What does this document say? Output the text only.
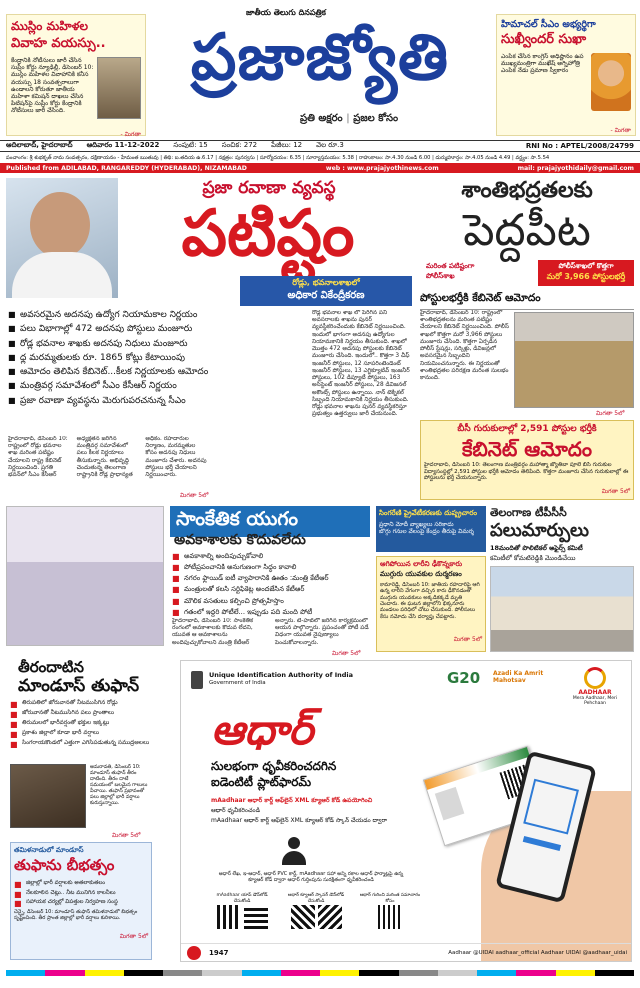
ముస్లిం మహిళల
వివాహ వయస్సు..
కేంద్రానికి నోటీసులు జారీ చేసిన సుప్రీం కోర్టు న్యూఢిల్లీ, డిసెంబర్‌ 10: ముస్లిం మహిళల వివాహానికి కనీస వయస్సు 18 సంవత్సరాలుగా ఉండాలని కోరుతూ జాతీయ మహిళా కమిషన్‌ దాఖలు చేసిన పిటిషన్‌పై సుప్రీం కోర్టు కేంద్రానికి నోటీసులు జారీ చేసింది.
- మిగతా
జాతీయ తెలుగు దినపత్రిక
ప్రజాజ్యోతి
ప్రతి అక్షరం | ప్రజల కోసం
హిమాచల్‌ సీఎం అభ్యర్థిగా
సుఖ్వీందర్‌ సుఖా
ఎంపిక చేసిన కాంగ్రెస్‌ అధిష్టానం ఉప ముఖ్యమంత్రిగా ముఖేష్‌ అగ్నిహోత్రి ఎంపిక నేడు ప్రమాణ స్వీకారం
- మిగతా
ఆదిలాబాద్‌, హైదరాబాద్‌ ఆదివారం 11-12-2022 సంపుటి: 15 సంచిక: 272 పేజీలు: 12 వెల రూ.3	RNI No : APTEL/2008/24799
పంచాంగం: శ్రీ శుభకృత్‌ నామ సంవత్సరం, దక్షిణాయనం - హేమంత ఋతువు | తిథి: బ.తదియ ఉ.6.17 | నక్షత్రం: పునర్వసు | సూర్యోదయం: 6.35 | సూర్యాస్తమయం: 5.38 | రాహుకాలం: సా.4.30 నుండి 6.00 | దుర్ముహూర్తం: సా.4.05 నుండి 4.49 | వర్జ్యం: సా.5.54
Published from ADILABAD, RANGAREDDY (HYDERABAD), NIZAMABAD	web : www.prajajyothinews.com	mail: prajajyothidaily@gmail.com
ప్రజా రవాణా వ్యవస్థ
పటిష్టం
రోడ్లు, భవనాలశాఖలో
అధికార వికేంద్రీకరణ
■ అవసరమైన అదనపు ఉద్యోగ నియామకాల నిర్ణయం
■ పలు విభాగాల్లో 472 అదనపు పోస్టులు మంజూరు
■ రోడ్ల భవనాల శాఖకు అదనపు నిధులు మంజూరు
■ ధ్ల మరమ్మతులకు రూ. 1865 కోట్లు కేటాయింపు
■ ఆమోదం తెలిపిన కేబినెట్‌...కీలక నిర్ణయాలకు ఆమోదం
■ మంత్రివర్గ సమావేశంలో సీఎం కేసీఆర్‌ నిర్ణయం
■ ప్రజా రవాణా వ్యవస్థను మెరుగుపరచనున్న సీఎం
హైదరాబాద్‌, డిసెంబర్‌ 10: రాష్ట్రంలో రోడ్లు భవనాల శాఖ మరింత పటిష్టం చేయాలని రాష్ట్ర కేబినెట్‌ నిర్ణయించింది. ప్రగతి భవన్‌లో సీఎం కేసీఆర్‌ అధ్యక్షతన జరిగిన మంత్రివర్గ సమావేశంలో పలు కీలక నిర్ణయాలు తీసుకున్నారు. అభివృద్ధి చెందుతున్న తెలంగాణ రాష్ట్రానికి రోడ్ల ప్రాధాన్యత అధికం. రహదారుల నిర్మాణం, మరమ్మతుల కోసం అదనపు నిధులు మంజూరు చేశారు. అదనపు పోస్టులు భర్తీ చేయాలని నిర్ణయించారు.
మిగతా 5లో
రోడ్ల భవనాల శాఖ లో పెరిగిన పని అవసరాలకు శాఖను పునర్ వ్యవస్థీకరించేందుకు కేబినెట్‌ నిర్ణయించింది. ఇందులో భాగంగా అదనపు ఉద్యోగుల నియామకానికి నిర్ణయం తీసుకుంది. శాఖలో మొత్తం 472 అదనపు పోస్టులకు కేబినెట్‌ మంజూరు చేసింది. ఇందులో.. కొత్తగా 3 చీఫ్‌ ఇంజనీర్‌ పోస్టులు, 12 సూపరింటెండెంట్‌ ఇంజనీర్‌ పోస్టులు, 13 ఎగ్జిక్యూటివ్‌ ఇంజనీర్‌ పోస్టులు, 102 డిప్యూటీ పోస్టులు, 163 అసిస్టెంట్‌ ఇంజనీర్‌ పోస్టులు, 28 డివిజనల్‌ అకౌంట్స్‌ పోస్టులు ఉన్నాయి. నాన్‌ టెక్నికల్‌ సిబ్బంది నియామకానికి నిర్ణయం తీసుకుంది. రోడ్లు భవనాల శాఖను పునర్‌ వ్యవస్థీకరిస్తూ ప్రభుత్వం ఉత్తర్వులు జారీ చేయనుంది.
శాంతిభద్రతలకు
పెద్దపీట
మరింత పటిష్టంగా
పోలీస్‌శాఖ
పోలీస్‌శాఖలో కొత్తగా
మరో 3,966 పోస్టులభర్తీ
పోస్టులభర్తీకి కేబినెట్‌ ఆమోదం
హైదరాబాద్‌, డిసెంబర్‌ 10: రాష్ట్రంలో శాంతిభద్రతలను మరింత పటిష్టం చేయాలని కేబినెట్‌ నిర్ణయించింది. పోలీస్‌ శాఖలో కొత్తగా మరో 3,966 పోస్టులు మంజూరు చేసింది. కొత్తగా ఏర్పడిన పోలీస్‌ స్టేషన్లు, సర్కిళ్లు, డివిజన్లలో అవసరమైన సిబ్బందిని నియమించనున్నారు. ఈ నిర్ణయంతో శాంతిభద్రతల పరిరక్షణ మరింత సులభం కానుంది.
మిగతా 5లో
బీసీ గురుకులాల్లో 2,591 పోస్టుల భర్తీకి
కేబినెట్‌ ఆమోదం
హైదరాబాద్‌, డిసెంబర్‌ 10: తెలంగాణ మంత్రివర్గం మహాత్మా జ్యోతిబా పూలే బీసీ గురుకుల విద్యాసంస్థల్లో 2,591 పోస్టుల భర్తీకి ఆమోదం తెలిపింది. కొత్తగా మంజూరు చేసిన గురుకులాల్లో ఈ పోస్టులను భర్తీ చేయనున్నారు.
మిగతా 5లో
సాంకేతిక యుగం
అవకాశాలకు కొదువలేదు
■ అవకాశాల్ని అందిపుచ్చుకోవాలి
■ పోటీప్రపంచానికి అనుగుణంగా సిద్ధం కావాలి
■ నగరం ఫ్లాయిడ్‌ ఐటీ వ్యాపారానికి ఊతం :మంత్రి కేటీఆర్‌
■ మంత్రులతో కలసి సర్టిఫికెట్ల అందజేసిన కేటీఆర్‌
■ మౌలిక వసతులు కల్పించి ప్రోత్సహిస్తాం
■ గతంలో ఇద్దరి పోటీలే... ఇప్పుడు పది మంది పోటీ
హైదరాబాద్‌, డిసెంబర్‌ 10: సాంకేతిక రంగంలో అవకాశాలకు కొదువ లేదని, యువత ఆ అవకాశాలను అందిపుచ్చుకోవాలని మంత్రి కేటీఆర్‌ అన్నారు. టి-హబ్‌లో జరిగిన కార్యక్రమంలో ఆయన పాల్గొన్నారు. ప్రపంచంతో పోటీ పడే విధంగా యువత నైపుణ్యాలు పెంచుకోవాలన్నారు.
మిగతా 5లో
సింగరేణి ప్రైవేటీకరణకు దుష్ప్రచారం
ప్రధాని మోదీ వ్యాఖ్యలు సరికాదు
బొగ్గు గనుల వేలంపై కేంద్రం తీరుపై విమర్శ
ఆగిపోయిన లారీని ఢీకొన్నకారు
ముగ్గురు యువకుల దుర్మరణం
కామారెడ్డి, డిసెంబర్‌ 10: జాతీయ రహదారిపై ఆగి ఉన్న లారీని వేగంగా వచ్చిన కారు ఢీకొనడంతో ముగ్గురు యువకులు అక్కడికక్కడే మృతి చెందారు. ఈ ఘటన జిల్లాలోని భిక్కనూరు మండలం పరిధిలో చోటు చేసుకుంది. పోలీసులు కేసు నమోదు చేసి దర్యాప్తు చేపట్టారు.
మిగతా 5లో
తెలంగాణ టీపీసీసీ
పలుమార్పులు
18మందితో పొలిటికల్‌ అఫైర్స్‌ కమిటీ
కమిటీలో కోమటిరెడ్డికి మొండిచేయి
తీరందాటిన
మాండూస్‌ తుఫాన్‌
■ తిరుపతిలో జోరువానతో నీటముసిగిన రోడ్లు
■ జోరువానతో నీటముసిగిన పలు ప్రాంతాలు
■ తిరుమలలో భారీవర్షంతో భక్తుల ఇక్కట్లు
■ ప్రకాశం జిల్లాలో కూడా భారీ వర్షాలు
■ సింగరాయకొండలో ఎత్తుగా ఎగిసిపడుతున్న సముద్రఅలలు
అమరావతి, డిసెంబర్‌ 10: మాండూస్‌ తుఫాన్‌ తీరం దాటింది. తీరం దాటే సమయంలో బలమైన గాలులు వీచాయి. తుఫాన్‌ ప్రభావంతో పలు జిల్లాల్లో భారీ వర్షాలు కురుస్తున్నాయి.
మిగతా 5లో
తమిళనాడులో మాండూస్‌
తుఫాను బీభత్సం
■ జిల్లాల్లో భారీ వర్షాలకు అతలాకుతలం
■ నేలకూలిన చెట్లు.. నీట మునిగిన కాలనీలు
■ సహాయక చర్యల్లో విపత్తుల నిర్వహణ సంస్థ
చెన్నై, డిసెంబర్‌ 10: మాండూస్‌ తుఫాన్‌ తమిళనాడులో బీభత్సం సృష్టించింది. తీర ప్రాంత జిల్లాల్లో భారీ వర్షాలు కురిశాయి.
మిగతా 5లో
Unique Identification Authority of India
Government of India	G20 Azadi Ka Amrit Mahotsav
AADHAAR
Mera Aadhaar, Meri Pehchaan
ఆధార్‌
సులభంగా ధృవీకరించదగిన
ఐడెంటిటీ ప్లాట్‌ఫారమ్‌
mAadhaar ఆధార్‌ కార్డ్‌ ఆఫ్‌లైన్‌ XML క్యూ‌ఆర్‌ కోడ్‌ ఉపయోగించి
ఆధార్‌ ధృవీకరించండి
mAadhaar ఆధార్‌ కార్డ్‌ ఆఫ్‌లైన్‌ XML క్యూ‌ఆర్‌ కోడ్‌ స్కాన్‌ చేయడం ద్వారా
ఆధార్‌ లేఖ, ఇ-ఆధార్‌, ఆధార్‌ PVC కార్డ్‌, mAadhaar సహా అన్ని రకాల ఆధార్‌ ఫార్మాట్లపై ఉన్న క్యూఆర్‌ కోడ్‌ ద్వారా ఆధార్‌ గుర్తింపును సురక్షితంగా ధృవీకరించండి
mAadhaar యాప్‌ డౌన్‌లోడ్‌ చేసుకోండి
ఆధార్‌ క్యూఆర్‌ స్కానర్‌ డౌన్‌లోడ్‌ చేసుకోండి
ఆధార్‌ గురించి మరింత సమాచారం కోసం
1947	Aadhaar @UIDAI aadhaar_official Aadhaar UIDAI @aadhaar_uidai
